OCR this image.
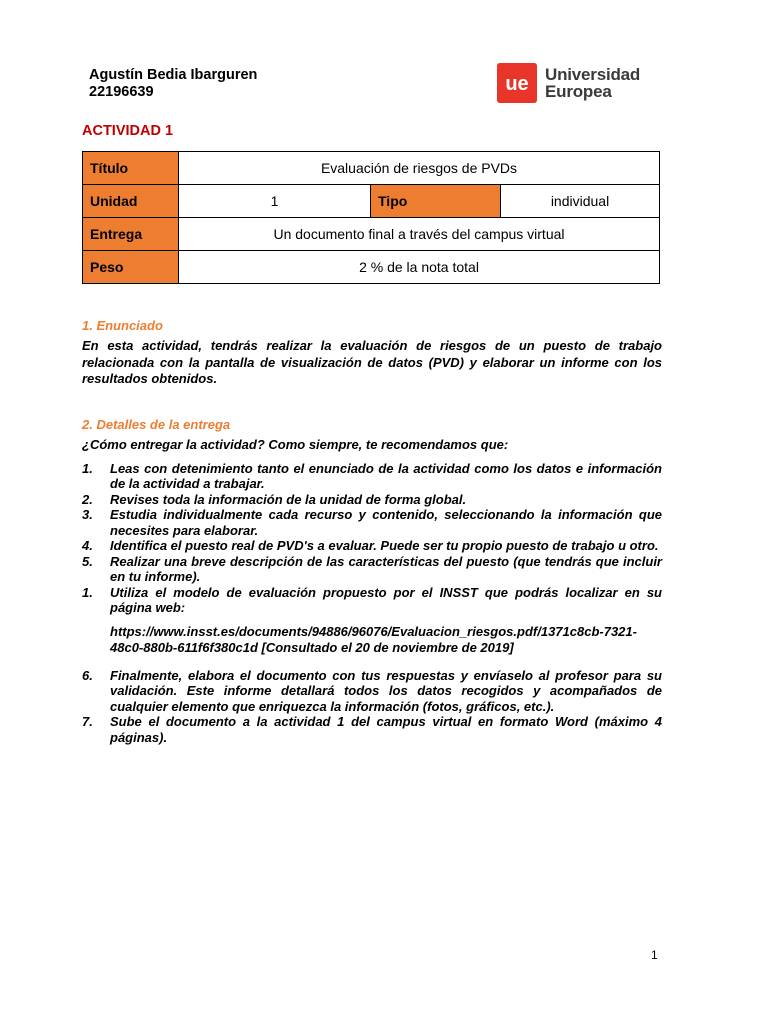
Agustín Bedia Ibarguren
22196639	ue Universidad
Europea
ACTIVIDAD 1
Título	Evaluación de riesgos de PVDs		
Unidad	1	Tipo	individual
Entrega	Un documento final a través del campus virtual		
Peso	2 % de la nota total		
1. Enunciado
En esta actividad, tendrás realizar la evaluación de riesgos de un puesto de trabajo relacionada con la pantalla de visualización de datos (PVD) y elaborar un informe con los resultados obtenidos.
2. Detalles de la entrega
¿Cómo entregar la actividad? Como siempre, te recomendamos que:
1.	Leas con detenimiento tanto el enunciado de la actividad como los datos e información de la actividad a trabajar.
2.	Revises toda la información de la unidad de forma global.
3.	Estudia individualmente cada recurso y contenido, seleccionando la información que necesites para elaborar.
4.	Identifica el puesto real de PVD's a evaluar. Puede ser tu propio puesto de trabajo u otro.
5.	Realizar una breve descripción de las características del puesto (que tendrás que incluir en tu informe).
1.	Utiliza el modelo de evaluación propuesto por el INSST que podrás localizar en su página web:
https://www.insst.es/documents/94886/96076/Evaluacion_riesgos.pdf/1371c8cb-7321-48c0-880b-611f6f380c1d [Consultado el 20 de noviembre de 2019]
6.	Finalmente, elabora el documento con tus respuestas y envíaselo al profesor para su validación. Este informe detallará todos los datos recogidos y acompañados de cualquier elemento que enriquezca la información (fotos, gráficos, etc.).
7.	Sube el documento a la actividad 1 del campus virtual en formato Word (máximo 4 páginas).
1
